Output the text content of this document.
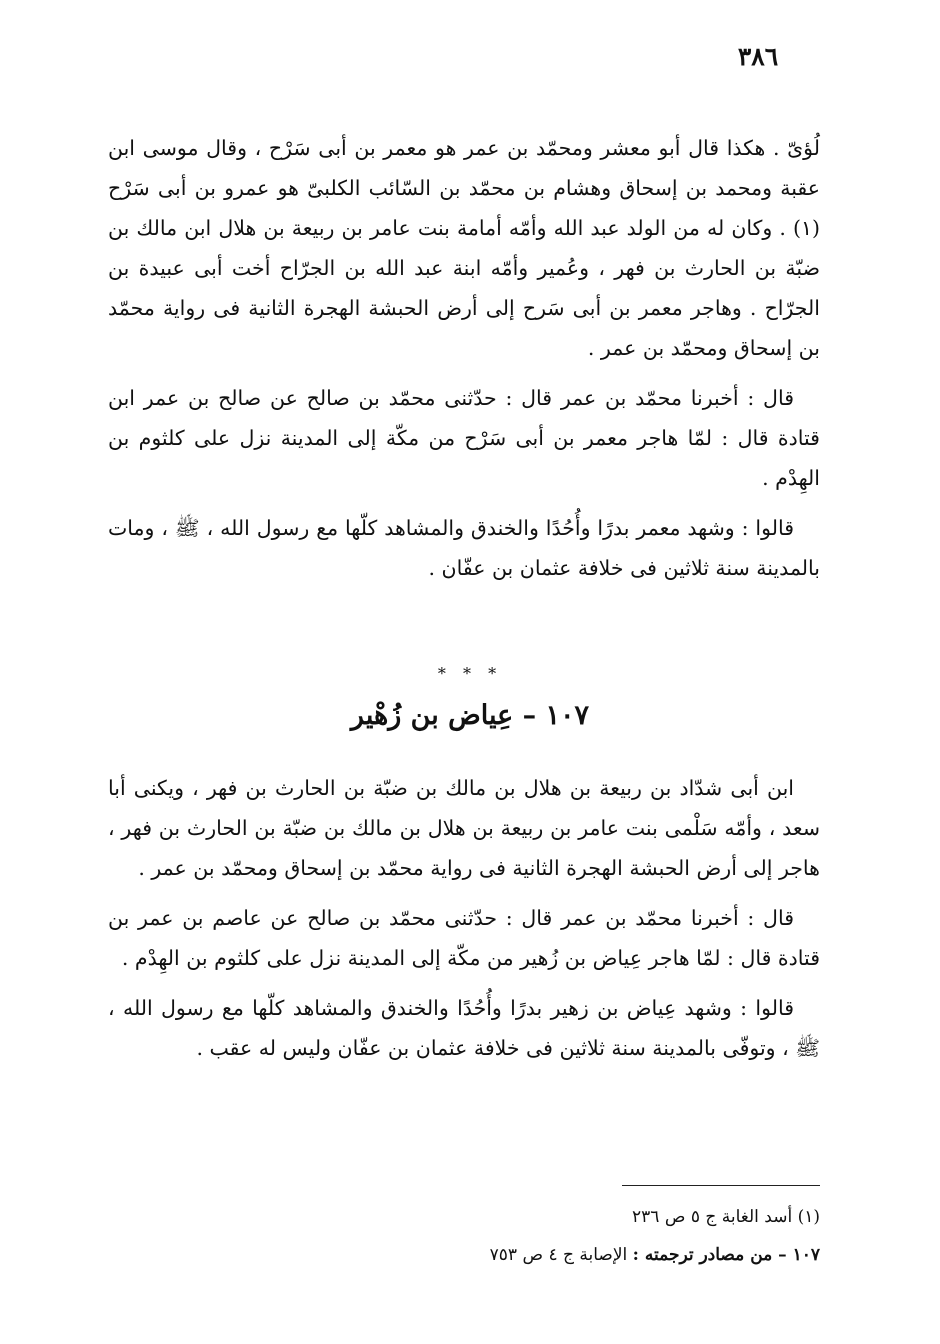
٣٨٦

لُؤىّ . هكذا قال أبو معشر ومحمّد بن عمر هو معمر بن أبى سَرْح ، وقال موسى ابن عقبة ومحمد بن إسحاق وهشام بن محمّد بن السّائب الكلبىّ هو عمرو بن أبى سَرْح (١) . وكان له من الولد عبد الله وأمّه أمامة بنت عامر بن ربيعة بن هلال ابن مالك بن ضبّة بن الحارث بن فهر ، وعُمير وأمّه ابنة عبد الله بن الجرّاح أخت أبى عبيدة بن الجرّاح . وهاجر معمر بن أبى سَرح إلى أرض الحبشة الهجرة الثانية فى رواية محمّد بن إسحاق ومحمّد بن عمر .

قال : أخبرنا محمّد بن عمر قال : حدّثنى محمّد بن صالح عن صالح بن عمر ابن قتادة قال : لمّا هاجر معمر بن أبى سَرْح من مكّة إلى المدينة نزل على كلثوم بن الهِدْم .

قالوا : وشهد معمر بدرًا وأُحُدًا والخندق والمشاهد كلّها مع رسول الله ، ﷺ ، ومات بالمدينة سنة ثلاثين فى خلافة عثمان بن عفّان .

* * *
١٠٧ – عِياض بن زُهْير

ابن أبى شدّاد بن ربيعة بن هلال بن مالك بن ضبّة بن الحارث بن فهر ، ويكنى أبا سعد ، وأمّه سَلْمى بنت عامر بن ربيعة بن هلال بن مالك بن ضبّة بن الحارث بن فهر ، هاجر إلى أرض الحبشة الهجرة الثانية فى رواية محمّد بن إسحاق ومحمّد بن عمر .

قال : أخبرنا محمّد بن عمر قال : حدّثنى محمّد بن صالح عن عاصم بن عمر بن قتادة قال : لمّا هاجر عِياض بن زُهير من مكّة إلى المدينة نزل على كلثوم بن الهِدْم .

قالوا : وشهد عِياض بن زهير بدرًا وأُحُدًا والخندق والمشاهد كلّها مع رسول الله ، ﷺ ، وتوفّى بالمدينة سنة ثلاثين فى خلافة عثمان بن عفّان وليس له عقب .

(١) أسد الغابة ج ٥ ص ٢٣٦
١٠٧ – من مصادر ترجمته : الإصابة ج ٤ ص ٧٥٣
